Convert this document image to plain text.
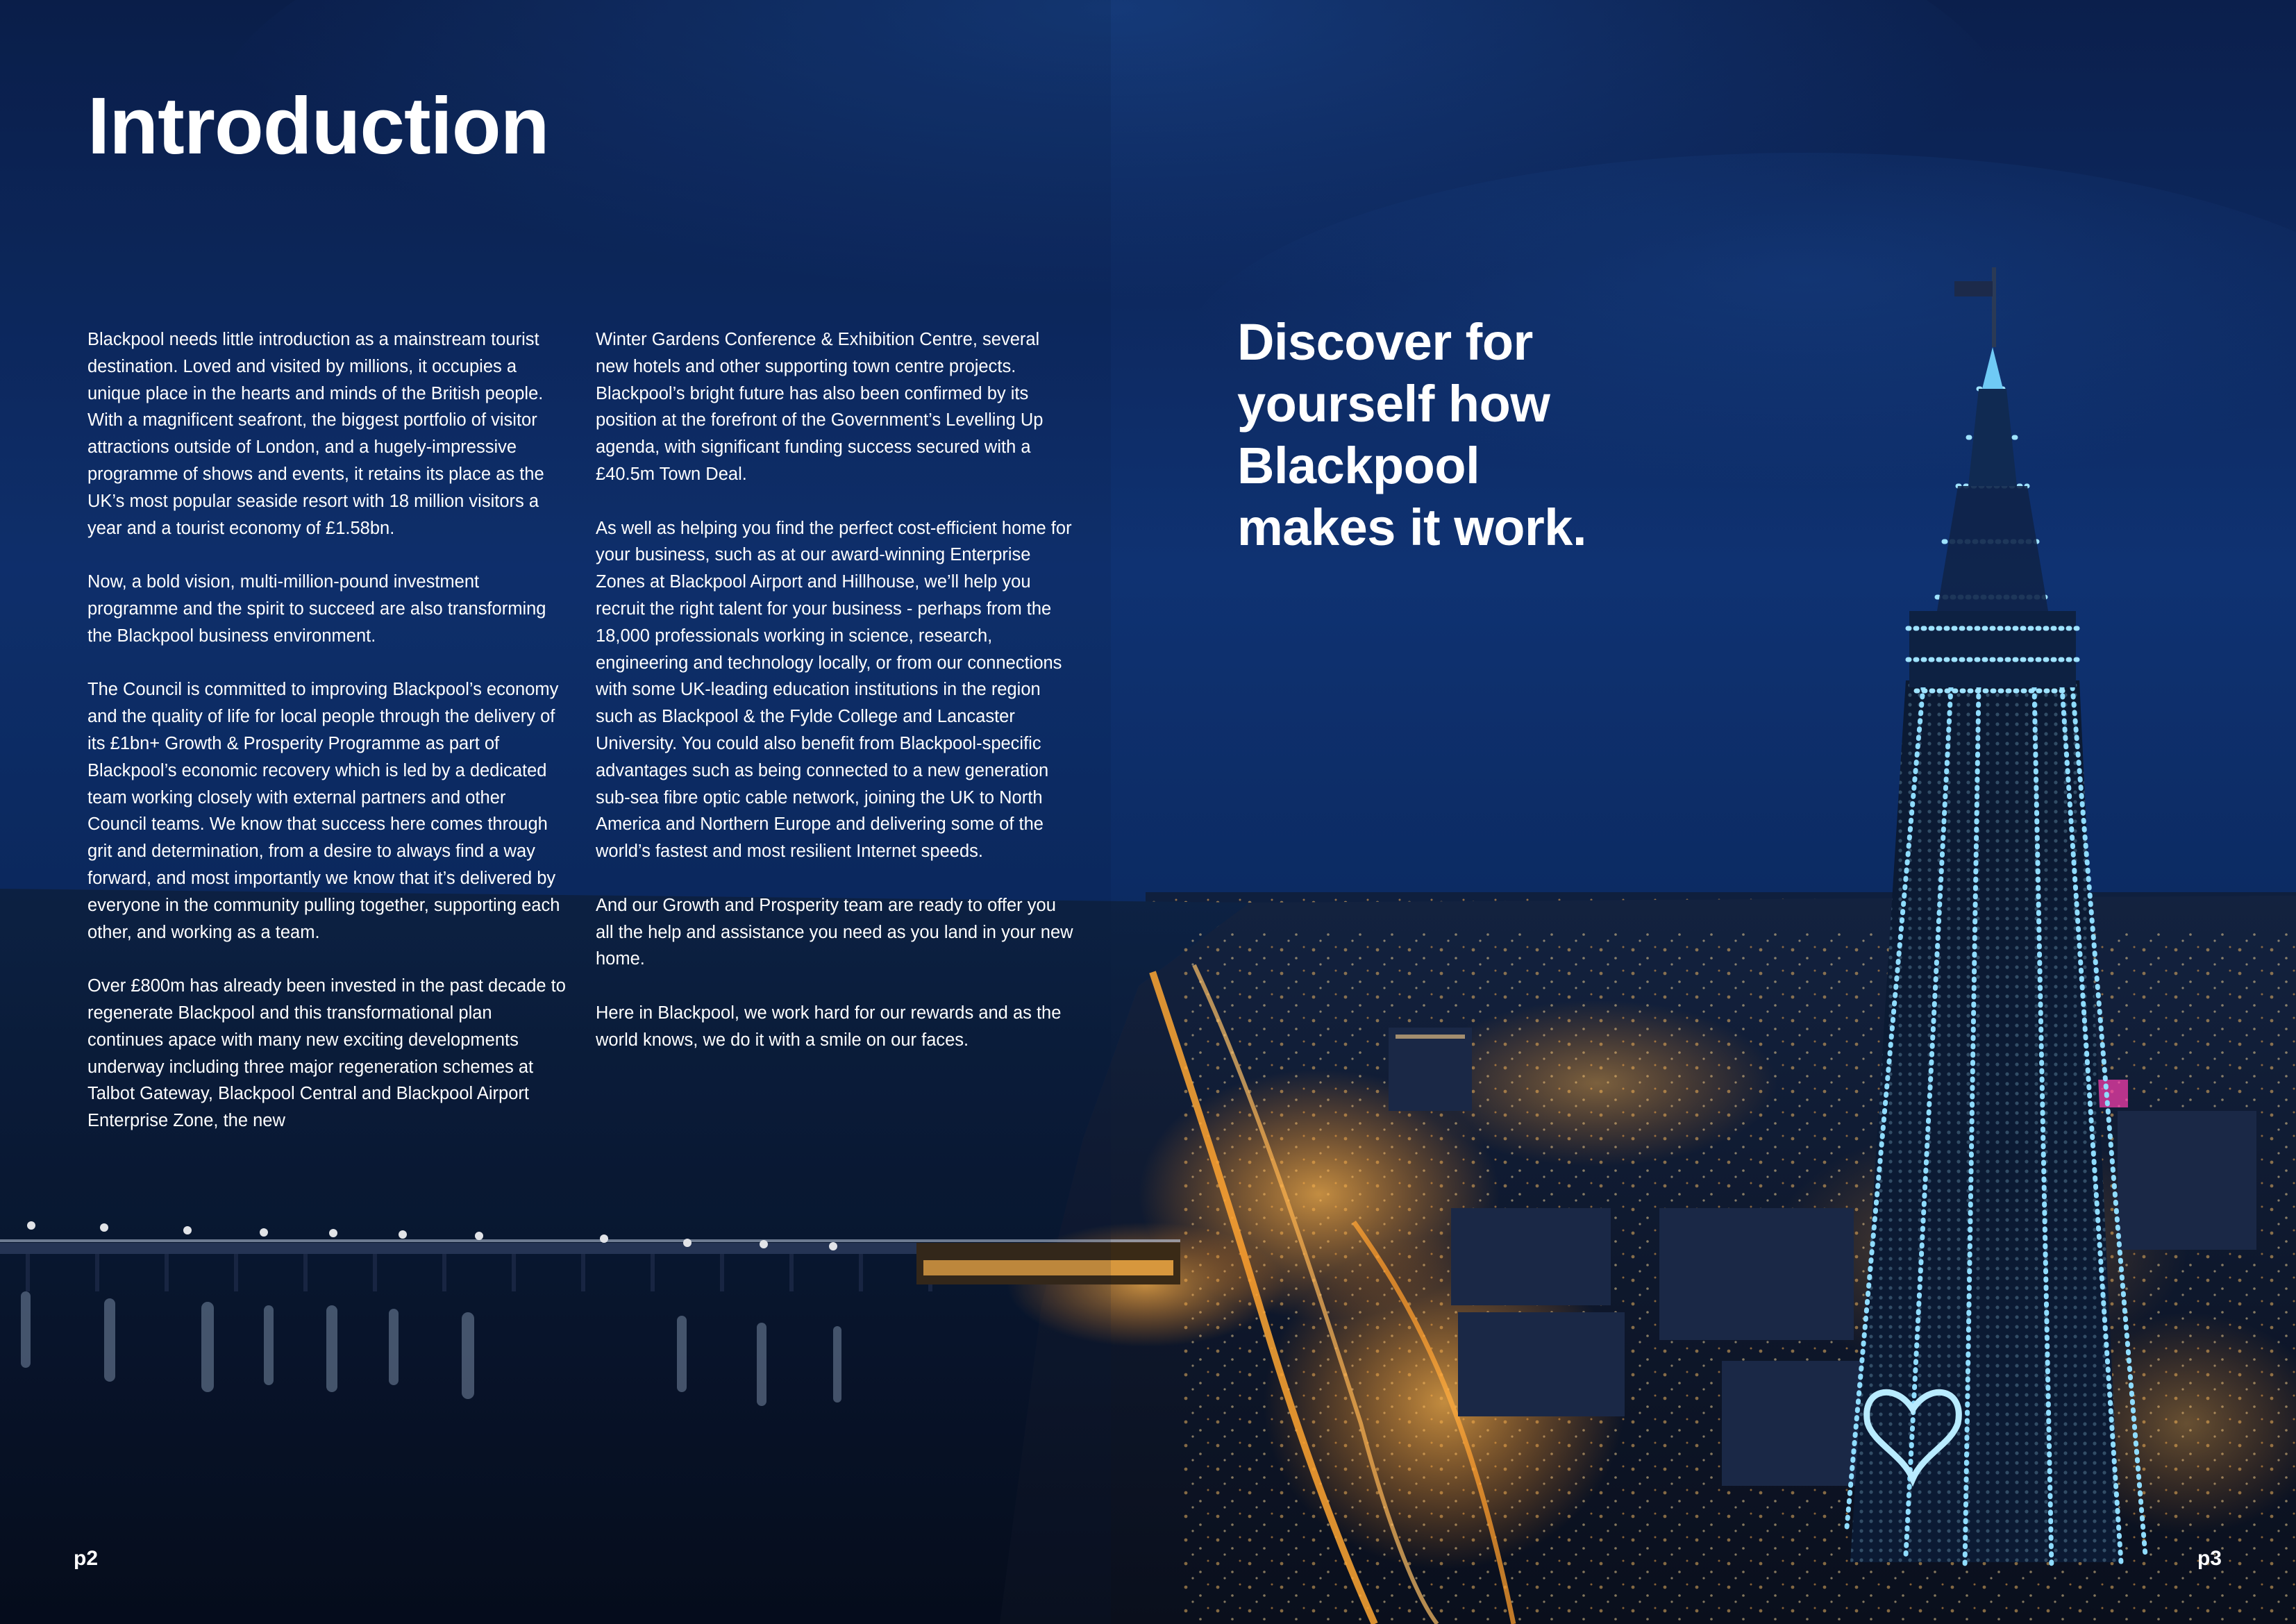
Introduction

Blackpool needs little introduction as a mainstream tourist destination. Loved and visited by millions, it occupies a unique place in the hearts and minds of the British people. With a magnificent seafront, the biggest portfolio of visitor attractions outside of London, and a hugely-impressive programme of shows and events, it retains its place as the UK’s most popular seaside resort with 18 million visitors a year and a tourist economy of £1.58bn.

Now, a bold vision, multi-million-pound investment programme and the spirit to succeed are also transforming the Blackpool business environment.

The Council is committed to improving Blackpool’s economy and the quality of life for local people through the delivery of its £1bn+ Growth & Prosperity Programme as part of Blackpool’s economic recovery which is led by a dedicated team working closely with external partners and other Council teams. We know that success here comes through grit and determination, from a desire to always find a way forward, and most importantly we know that it’s delivered by everyone in the community pulling together, supporting each other, and working as a team.

Over £800m has already been invested in the past decade to regenerate Blackpool and this transformational plan continues apace with many new exciting developments underway including three major regeneration schemes at Talbot Gateway, Blackpool Central and Blackpool Airport Enterprise Zone, the new

Winter Gardens Conference & Exhibition Centre, several new hotels and other supporting town centre projects. Blackpool’s bright future has also been confirmed by its position at the forefront of the Government’s Levelling Up agenda, with significant funding success secured with a £40.5m Town Deal.

As well as helping you find the perfect cost-efficient home for your business, such as at our award-winning Enterprise Zones at Blackpool Airport and Hillhouse, we’ll help you recruit the right talent for your business - perhaps from the 18,000 professionals working in science, research, engineering and technology locally, or from our connections with some UK-leading education institutions in the region such as Blackpool & the Fylde College and Lancaster University. You could also benefit from Blackpool-specific advantages such as being connected to a new generation sub-sea fibre optic cable network, joining the UK to North America and Northern Europe and delivering some of the world’s fastest and most resilient Internet speeds.

And our Growth and Prosperity team are ready to offer you all the help and assistance you need as you land in your new home.

Here in Blackpool, we work hard for our rewards and as the world knows, we do it with a smile on our faces.

Discover for yourself how Blackpool makes it work.
p2	p3
